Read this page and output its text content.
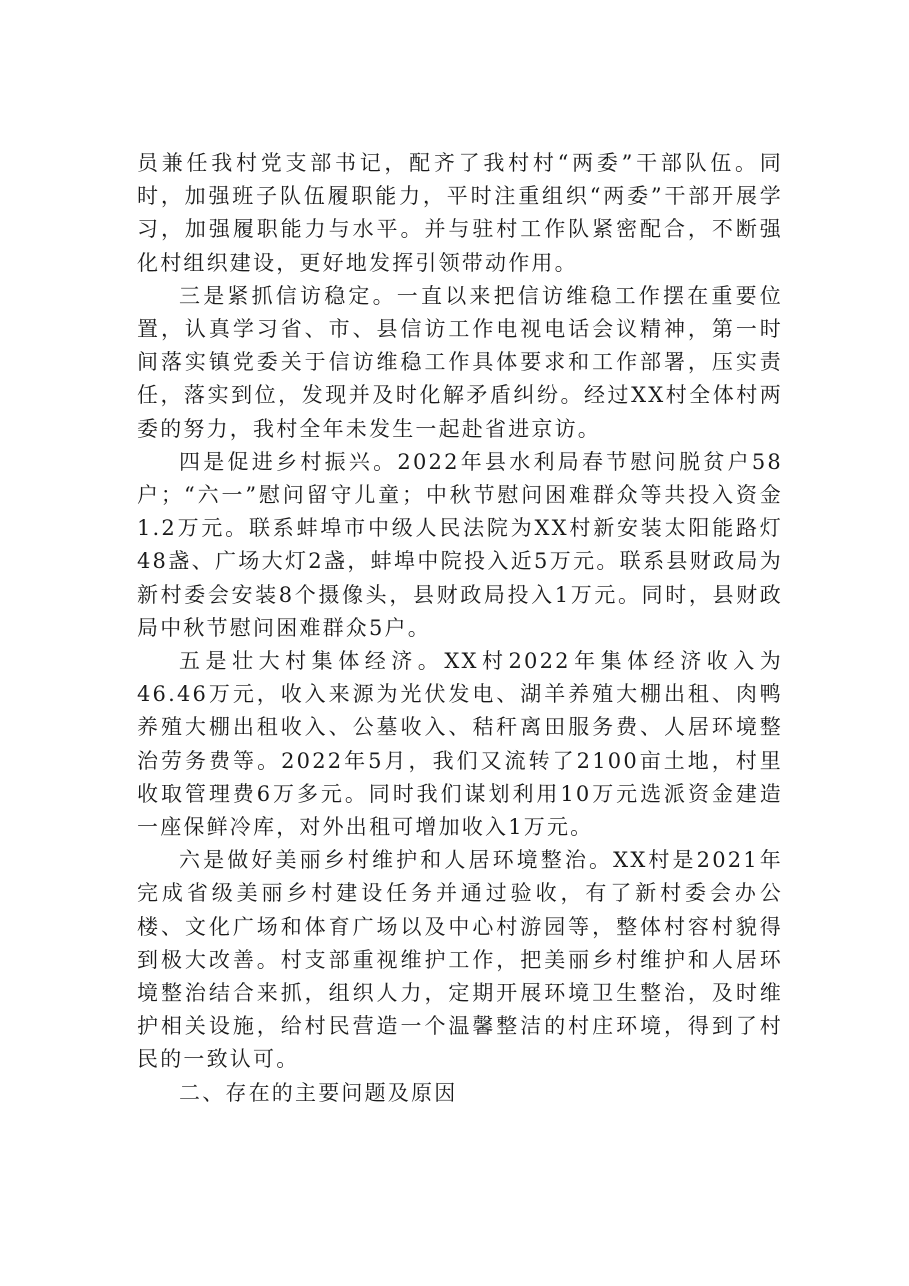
员兼任我村党支部书记，配齐了我村村“两委”干部队伍。同时，加强班子队伍履职能力，平时注重组织“两委”干部开展学习，加强履职能力与水平。并与驻村工作队紧密配合，不断强化村组织建设，更好地发挥引领带动作用。

三是紧抓信访稳定。一直以来把信访维稳工作摆在重要位置，认真学习省、市、县信访工作电视电话会议精神，第一时间落实镇党委关于信访维稳工作具体要求和工作部署，压实责任，落实到位，发现并及时化解矛盾纠纷。经过XX村全体村两委的努力，我村全年未发生一起赴省进京访。

四是促进乡村振兴。2022年县水利局春节慰问脱贫户58户；“六一”慰问留守儿童；中秋节慰问困难群众等共投入资金1.2万元。联系蚌埠市中级人民法院为XX村新安装太阳能路灯48盏、广场大灯2盏，蚌埠中院投入近5万元。联系县财政局为新村委会安装8个摄像头，县财政局投入1万元。同时，县财政局中秋节慰问困难群众5户。

五是壮大村集体经济。XX村2022年集体经济收入为46.46万元，收入来源为光伏发电、湖羊养殖大棚出租、肉鸭养殖大棚出租收入、公墓收入、秸秆离田服务费、人居环境整治劳务费等。2022年5月，我们又流转了2100亩土地，村里收取管理费6万多元。同时我们谋划利用10万元选派资金建造一座保鲜冷库，对外出租可增加收入1万元。

六是做好美丽乡村维护和人居环境整治。XX村是2021年完成省级美丽乡村建设任务并通过验收，有了新村委会办公楼、文化广场和体育广场以及中心村游园等，整体村容村貌得到极大改善。村支部重视维护工作，把美丽乡村维护和人居环境整治结合来抓，组织人力，定期开展环境卫生整治，及时维护相关设施，给村民营造一个温馨整洁的村庄环境，得到了村民的一致认可。

二、存在的主要问题及原因
